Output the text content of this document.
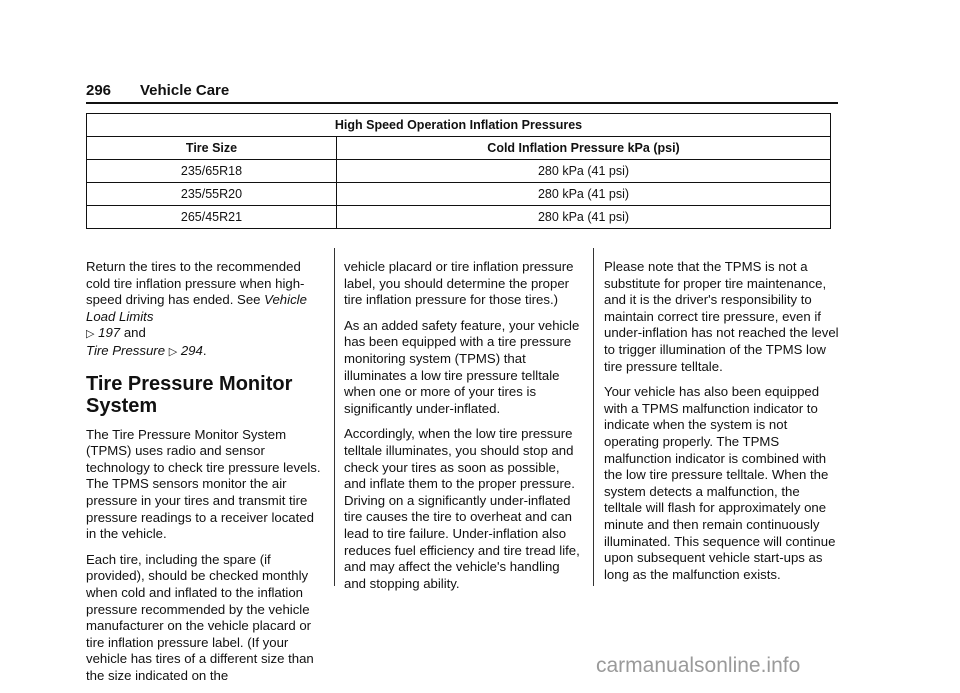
296 Vehicle Care
High Speed Operation Inflation Pressures	
Tire Size	Cold Inflation Pressure kPa (psi)
235/65R18	280 kPa (41 psi)
235/55R20	280 kPa (41 psi)
265/45R21	280 kPa (41 psi)

Return the tires to the recommended cold tire inflation pressure when high-speed driving has ended. See Vehicle Load Limits
▷ 197 and
Tire Pressure ▷ 294.

Tire Pressure Monitor System

The Tire Pressure Monitor System (TPMS) uses radio and sensor technology to check tire pressure levels. The TPMS sensors monitor the air pressure in your tires and transmit tire pressure readings to a receiver located in the vehicle.

Each tire, including the spare (if provided), should be checked monthly when cold and inflated to the inflation pressure recommended by the vehicle manufacturer on the vehicle placard or tire inflation pressure label. (If your vehicle has tires of a different size than the size indicated on the

vehicle placard or tire inflation pressure label, you should determine the proper tire inflation pressure for those tires.)

As an added safety feature, your vehicle has been equipped with a tire pressure monitoring system (TPMS) that illuminates a low tire pressure telltale when one or more of your tires is significantly under-inflated.

Accordingly, when the low tire pressure telltale illuminates, you should stop and check your tires as soon as possible, and inflate them to the proper pressure. Driving on a significantly under-inflated tire causes the tire to overheat and can lead to tire failure. Under-inflation also reduces fuel efficiency and tire tread life, and may affect the vehicle's handling and stopping ability.

Please note that the TPMS is not a substitute for proper tire maintenance, and it is the driver's responsibility to maintain correct tire pressure, even if under-inflation has not reached the level to trigger illumination of the TPMS low tire pressure telltale.

Your vehicle has also been equipped with a TPMS malfunction indicator to indicate when the system is not operating properly. The TPMS malfunction indicator is combined with the low tire pressure telltale. When the system detects a malfunction, the telltale will flash for approximately one minute and then remain continuously illuminated. This sequence will continue upon subsequent vehicle start-ups as long as the malfunction exists.

carmanualsonline.info
